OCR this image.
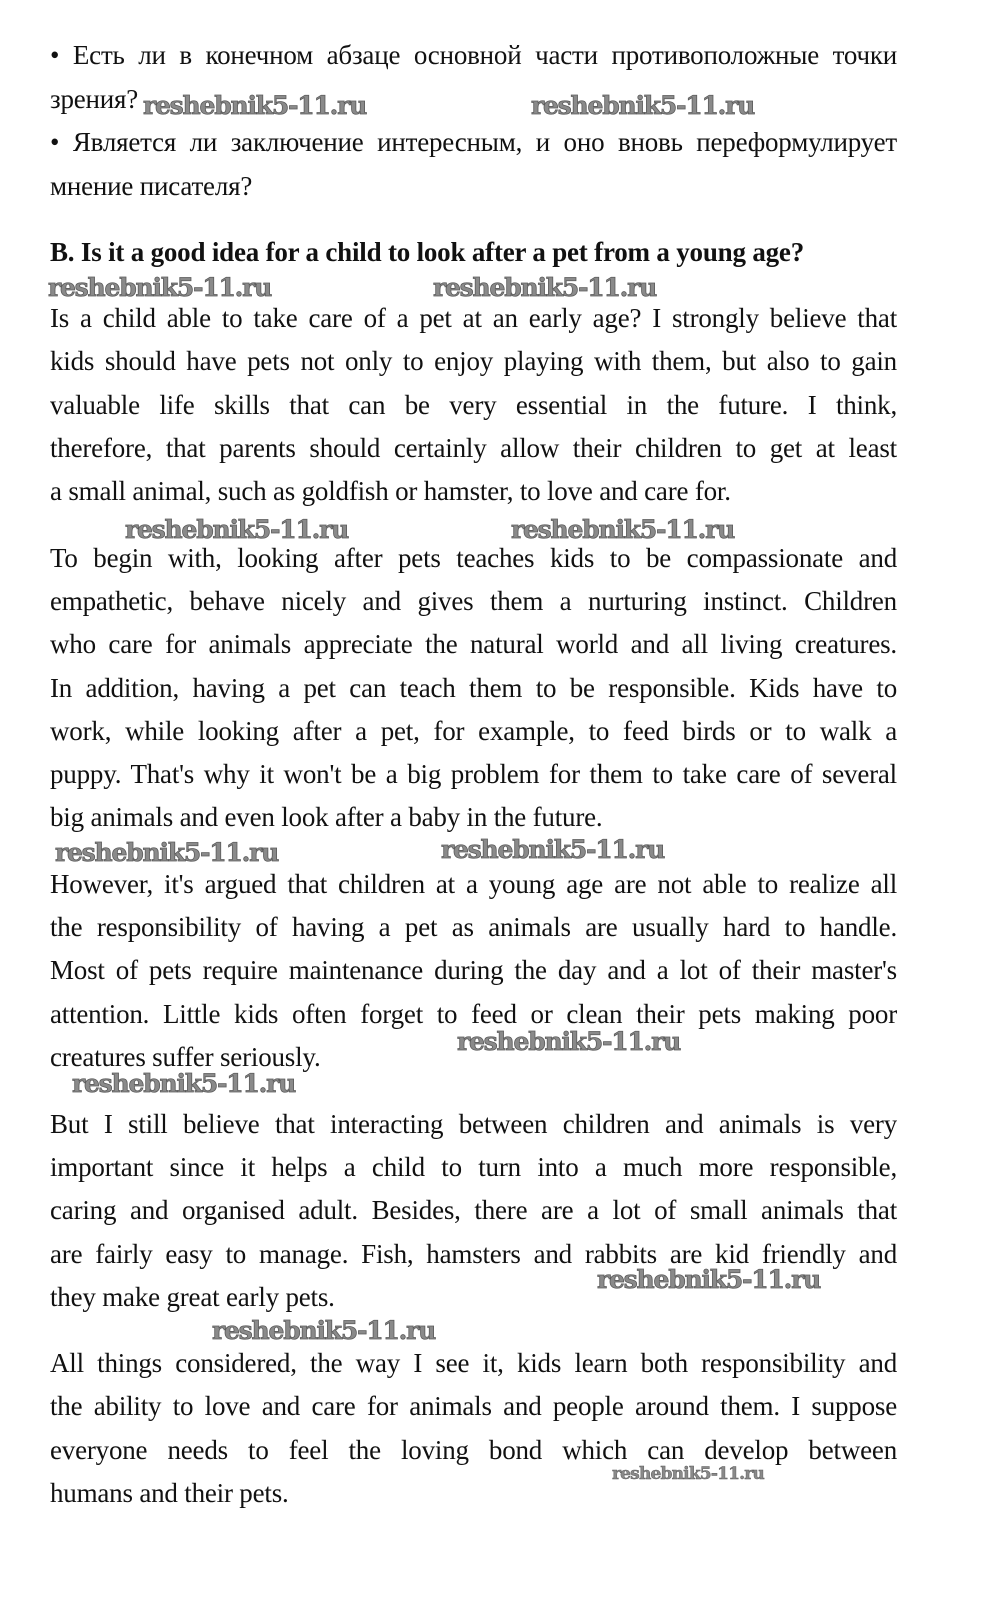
• Есть ли в конечном абзаце основной части противоположные точки
зрения? reshebnik5-11.ru	reshebnik5-11.ru
• Является ли заключение интересным, и оно вновь переформулирует
мнение писателя?
B. Is it a good idea for a child to look after a pet from a young age?
reshebnik5-11.ru	reshebnik5-11.ru
Is a child able to take care of a pet at an early age? I strongly believe that
kids should have pets not only to enjoy playing with them, but also to gain
valuable life skills that can be very essential in the future. I think,
therefore, that parents should certainly allow their children to get at least
a small animal, such as goldfish or hamster, to love and care for.
reshebnik5-11.ru	reshebnik5-11.ru
To begin with, looking after pets teaches kids to be compassionate and
empathetic, behave nicely and gives them a nurturing instinct. Children
who care for animals appreciate the natural world and all living creatures.
In addition, having a pet can teach them to be responsible. Kids have to
work, while looking after a pet, for example, to feed birds or to walk a
puppy. That's why it won't be a big problem for them to take care of several
big animals and even look after a baby in the future.
reshebnik5-11.ru	reshebnik5-11.ru
However, it's argued that children at a young age are not able to realize all
the responsibility of having a pet as animals are usually hard to handle.
Most of pets require maintenance during the day and a lot of their master's
attention. Little kids often forget to feed or clean their pets making poor
creatures suffer seriously.
reshebnik5-11.ru
reshebnik5-11.ru
But I still believe that interacting between children and animals is very
important since it helps a child to turn into a much more responsible,
caring and organised adult. Besides, there are a lot of small animals that
are fairly easy to manage. Fish, hamsters and rabbits are kid friendly and
they make great early pets.
reshebnik5-11.ru
reshebnik5-11.ru
All things considered, the way I see it, kids learn both responsibility and
the ability to love and care for animals and people around them. I suppose
everyone needs to feel the loving bond which can develop between
humans and their pets.
reshebnik5-11.ru
